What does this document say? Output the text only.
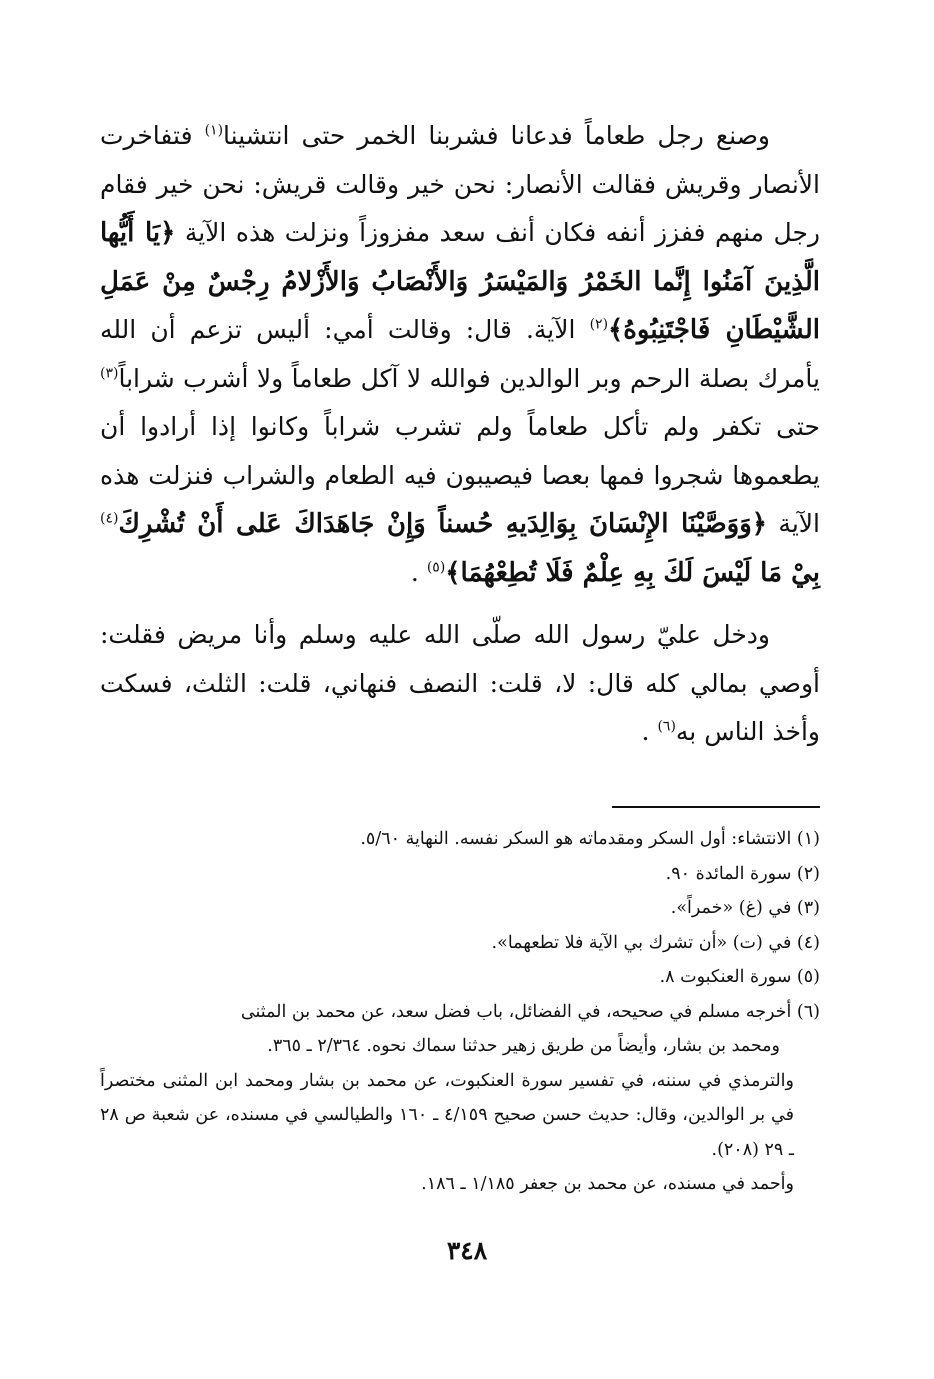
وصنع رجل طعاماً فدعانا فشربنا الخمر حتى انتشينا$^{(١)}$ فتفاخرت الأنصار وقريش فقالت الأنصار: نحن خير وقالت قريش: نحن خير فقام رجل منهم ففزز أنفه فكان أنف سعد مفزوزاً ونزلت هذه الآية ﴿يَا أَيُّها الَّذِينَ آمَنُوا إِنَّما الخَمْرُ وَالمَيْسَرُ وَالأَنْصَابُ وَالأَزْلامُ رِجْسٌ مِنْ عَمَلِ الشَّيْطَانِ فَاجْتَنِبُوهُ﴾$^{(٢)}$ الآية. قال: وقالت أمي: أليس تزعم أن الله يأمرك بصلة الرحم وبر الوالدين فوالله لا آكل طعاماً ولا أشرب شراباً$^{(٣)}$ حتى تكفر ولم تأكل طعاماً ولم تشرب شراباً وكانوا إذا أرادوا أن يطعموها شجروا فمها بعصا فيصيبون فيه الطعام والشراب فنزلت هذه الآية ﴿وَوَصَّيْنَا الإِنْسَانَ بِوَالِدَيهِ حُسناً وَإِنْ جَاهَدَاكَ عَلى أَنْ تُشْرِكَ$^{(٤)}$ بِيْ مَا لَيْسَ لَكَ بِهِ عِلْمٌ فَلَا تُطِعْهُمَا﴾$^{(٥)}$ .

ودخل عليّ رسول الله صلّى الله عليه وسلم وأنا مريض فقلت: أوصي بمالي كله قال: لا، قلت: النصف فنهاني، قلت: الثلث، فسكت وأخذ الناس به$^{(٦)}$ .

(١) الانتشاء: أول السكر ومقدماته هو السكر نفسه. النهاية ٥/٦٠.

(٢) سورة المائدة ٩٠.

(٣) في (غ) «خمراً».

(٤) في (ت) «أن تشرك بي الآية فلا تطعهما».

(٥) سورة العنكبوت ٨.

(٦) أخرجه مسلم في صحيحه، في الفضائل، باب فضل سعد، عن محمد بن المثنى

ومحمد بن بشار، وأيضاً من طريق زهير حدثنا سماك نحوه. ٢/٣٦٤ ـ ٣٦٥.

والترمذي في سننه، في تفسير سورة العنكبوت، عن محمد بن بشار ومحمد ابن المثنى مختصراً في بر الوالدين، وقال: حديث حسن صحيح ٤/١٥٩ ـ ١٦٠ والطيالسي في مسنده، عن شعبة ص ٢٨ ـ ٢٩ (٢٠٨).

وأحمد في مسنده، عن محمد بن جعفر ١/١٨٥ ـ ١٨٦.

٣٤٨
